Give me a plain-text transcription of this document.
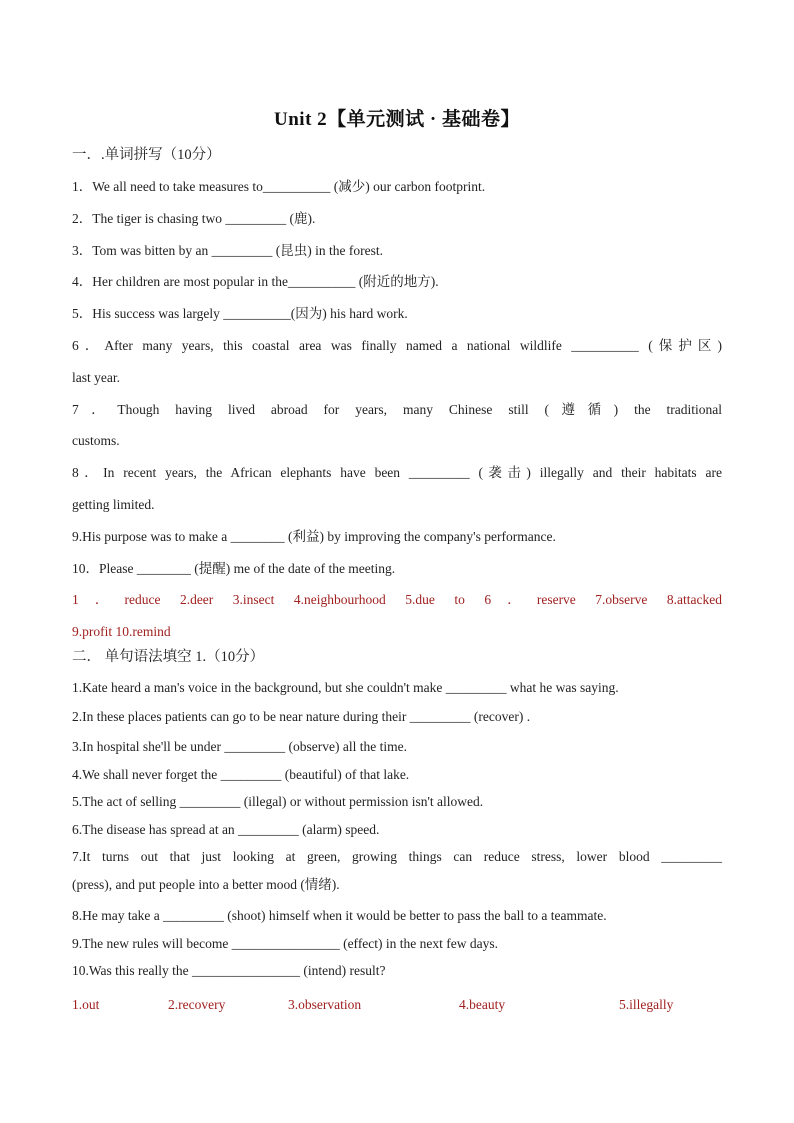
Unit 2【单元测试 · 基础卷】
一．.单词拼写（10分）
1．We all need to take measures to__________ (减少) our carbon footprint.
2．The tiger is chasing two _________ (鹿).
3．Tom was bitten by an _________ (昆虫) in the forest.
4．Her children are most popular in the__________ (附近的地方).
5．His success was largely __________(因为) his hard work.
6．After many years, this coastal area was finally named a national wildlife __________ (保护区)
last year.
7．Though having lived abroad for years, many Chinese still (遵循) the traditional
customs.
8．In recent years, the African elephants have been _________ (袭击) illegally and their habitats are
getting limited.
9.His purpose was to make a ________ (利益) by improving the company's performance.
10．Please ________ (提醒) me of the date of the meeting.
1．reduce 2.deer 3.insect 4.neighbourhood 5.due to 6．reserve 7.observe 8.attacked
9.profit 10.remind
二． 单句语法填空 1.（10分）
1.Kate heard a man's voice in the background, but she couldn't make _________ what he was saying.
2.In these places patients can go to be near nature during their _________ (recover) .
3.In hospital she'll be under _________ (observe) all the time.
4.We shall never forget the _________ (beautiful) of that lake.
5.The act of selling _________ (illegal) or without permission isn't allowed.
6.The disease has spread at an _________ (alarm) speed.
7.It turns out that just looking at green, growing things can reduce stress, lower blood _________
(press), and put people into a better mood (情绪).
8.He may take a _________ (shoot) himself when it would be better to pass the ball to a teammate.
9.The new rules will become ________________ (effect) in the next few days.
10.Was this really the ________________ (intend) result?
1.out	2.recovery	3.observation	4.beauty	5.illegally
